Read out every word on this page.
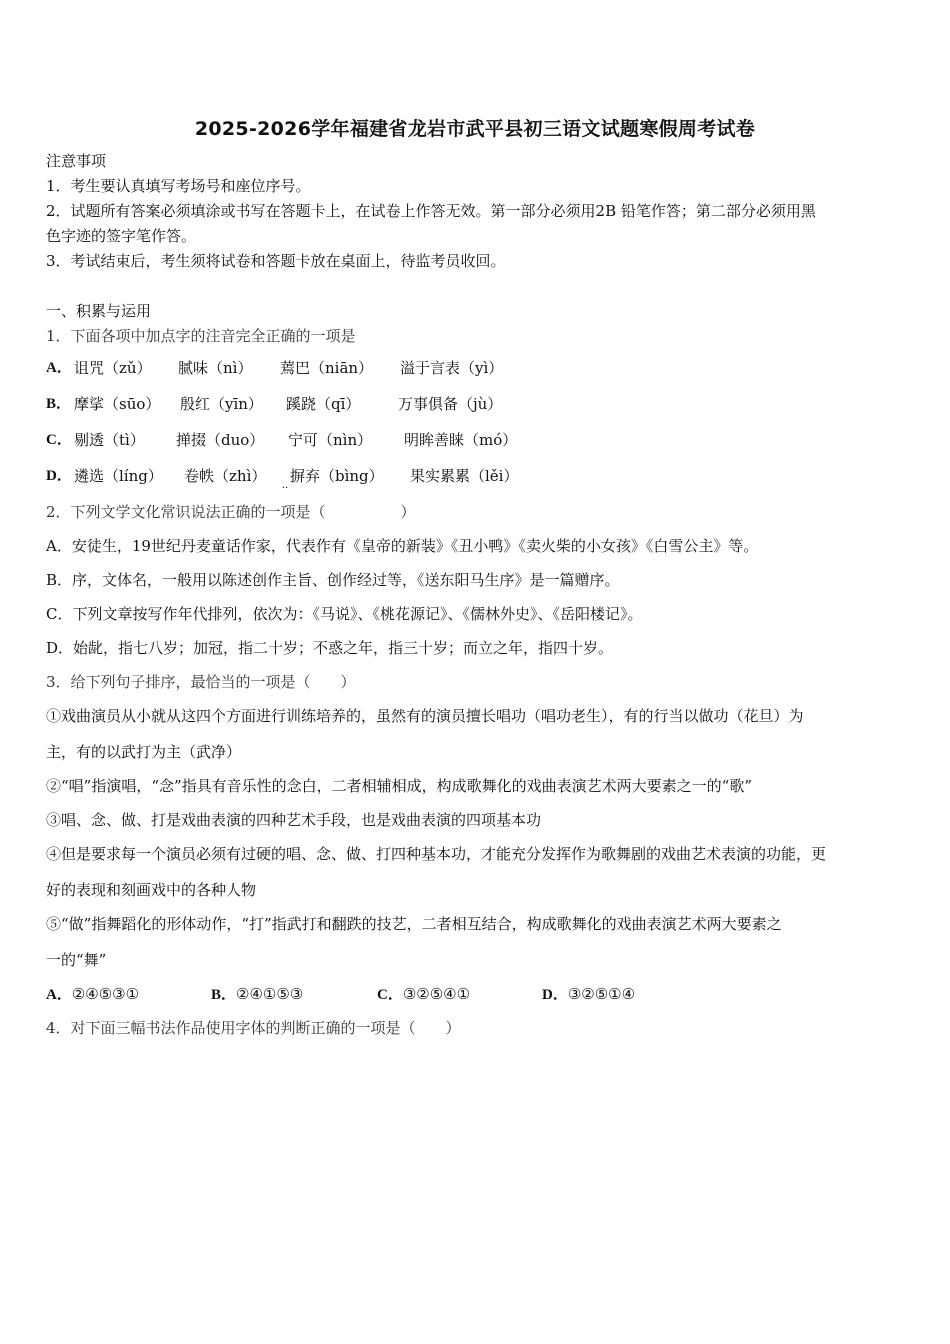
2025-2026学年福建省龙岩市武平县初三语文试题寒假周考试卷
注意事项
1．考生要认真填写考场号和座位序号。
2．试题所有答案必须填涂或书写在答题卡上，在试卷上作答无效。第一部分必须用2B 铅笔作答；第二部分必须用黑
色字迹的签字笔作答。
3．考试结束后，考生须将试卷和答题卡放在桌面上，待监考员收回。
一、积累与运用
1．下面各项中加点字的注音完全正确的一项是
A． 诅咒（zǔ） 腻味（nì） 蔫巴（niān） 溢于言表（yì）
B． 摩挲（sūo） 殷红（yīn） 蹊跷（qī）	万事俱备（jù）
C． 剔透（tì） 掸掇（duo） 宁可（nìn） 明眸善睐（mó）
D． 遴选（líng） 卷帙（zhì） 摒弃（bìng） 果实累累（lěi）
··
2．下列文学文化常识说法正确的一项是（　　　　　）
A．安徒生，19世纪丹麦童话作家，代表作有《皇帝的新装》《丑小鸭》《卖火柴的小女孩》《白雪公主》等。
B．序，文体名，一般用以陈述创作主旨、创作经过等，《送东阳马生序》是一篇赠序。
C．下列文章按写作年代排列，依次为：《马说》、《桃花源记》、《儒林外史》、《岳阳楼记》。
D．始龀，指七八岁；加冠，指二十岁；不惑之年，指三十岁；而立之年，指四十岁。
3．给下列句子排序，最恰当的一项是（　　）
①戏曲演员从小就从这四个方面进行训练培养的，虽然有的演员擅长唱功（唱功老生），有的行当以做功（花旦）为
主，有的以武打为主（武净）
②“唱”指演唱，“念”指具有音乐性的念白，二者相辅相成，构成歌舞化的戏曲表演艺术两大要素之一的“歌”
③唱、念、做、打是戏曲表演的四种艺术手段，也是戏曲表演的四项基本功
④但是要求每一个演员必须有过硬的唱、念、做、打四种基本功，才能充分发挥作为歌舞剧的戏曲艺术表演的功能，更
好的表现和刻画戏中的各种人物
⑤“做”指舞蹈化的形体动作，“打”指武打和翻跌的技艺，二者相互结合，构成歌舞化的戏曲表演艺术两大要素之
一的“舞”
A．②④⑤③①	B．②④①⑤③	C．③②⑤④①	D．③②⑤①④
4．对下面三幅书法作品使用字体的判断正确的一项是（　　）
